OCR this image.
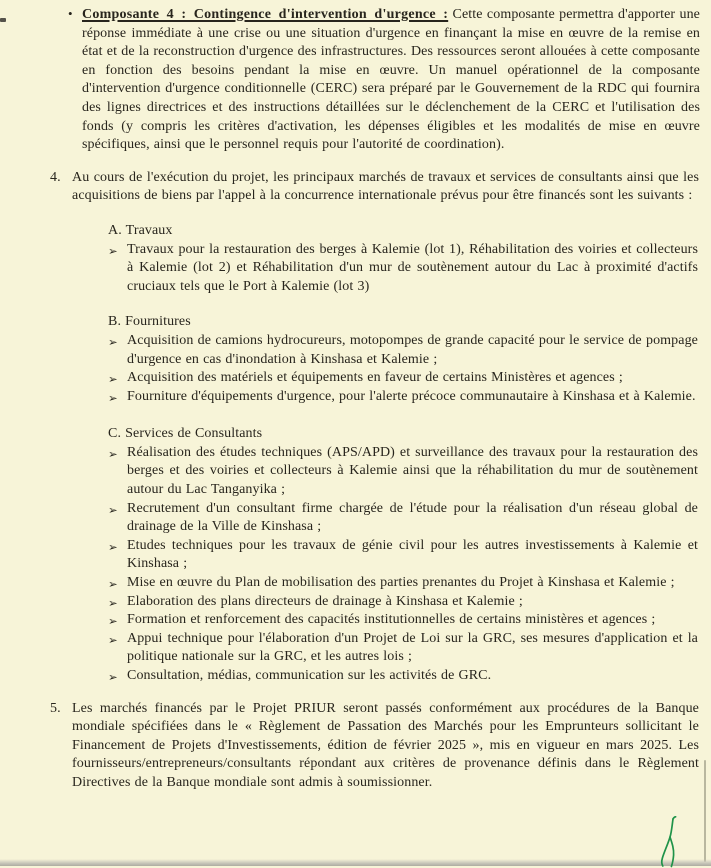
• Composante 4 : Contingence d'intervention d'urgence : Cette composante permettra d'apporter une réponse immédiate à une crise ou une situation d'urgence en finançant la mise en œuvre de la remise en état et de la reconstruction d'urgence des infrastructures. Des ressources seront allouées à cette composante en fonction des besoins pendant la mise en œuvre. Un manuel opérationnel de la composante d'intervention d'urgence conditionnelle (CERC) sera préparé par le Gouvernement de la RDC qui fournira des lignes directrices et des instructions détaillées sur le déclenchement de la CERC et l'utilisation des fonds (y compris les critères d'activation, les dépenses éligibles et les modalités de mise en œuvre spécifiques, ainsi que le personnel requis pour l'autorité de coordination).
4. Au cours de l'exécution du projet, les principaux marchés de travaux et services de consultants ainsi que les acquisitions de biens par l'appel à la concurrence internationale prévus pour être financés sont les suivants :
A. Travaux
➢ Travaux pour la restauration des berges à Kalemie (lot 1), Réhabilitation des voiries et collecteurs à Kalemie (lot 2) et Réhabilitation d'un mur de soutènement autour du Lac à proximité d'actifs cruciaux tels que le Port à Kalemie (lot 3)
B. Fournitures
➢ Acquisition de camions hydrocureurs, motopompes de grande capacité pour le service de pompage d'urgence en cas d'inondation à Kinshasa et Kalemie ;
➢ Acquisition des matériels et équipements en faveur de certains Ministères et agences ;
➢ Fourniture d'équipements d'urgence, pour l'alerte précoce communautaire à Kinshasa et à Kalemie.
C. Services de Consultants
➢ Réalisation des études techniques (APS/APD) et surveillance des travaux pour la restauration des berges et des voiries et collecteurs à Kalemie ainsi que la réhabilitation du mur de soutènement autour du Lac Tanganyika ;
➢ Recrutement d'un consultant firme chargée de l'étude pour la réalisation d'un réseau global de drainage de la Ville de Kinshasa ;
➢ Etudes techniques pour les travaux de génie civil pour les autres investissements à Kalemie et Kinshasa ;
➢ Mise en œuvre du Plan de mobilisation des parties prenantes du Projet à Kinshasa et Kalemie ;
➢ Elaboration des plans directeurs de drainage à Kinshasa et Kalemie ;
➢ Formation et renforcement des capacités institutionnelles de certains ministères et agences ;
➢ Appui technique pour l'élaboration d'un Projet de Loi sur la GRC, ses mesures d'application et la politique nationale sur la GRC, et les autres lois ;
➢ Consultation, médias, communication sur les activités de GRC.
5. Les marchés financés par le Projet PRIUR seront passés conformément aux procédures de la Banque mondiale spécifiées dans le « Règlement de Passation des Marchés pour les Emprunteurs sollicitant le Financement de Projets d'Investissements, édition de février 2025 », mis en vigueur en mars 2025. Les fournisseurs/entrepreneurs/consultants répondant aux critères de provenance définis dans le Règlement Directives de la Banque mondiale sont admis à soumissionner.
